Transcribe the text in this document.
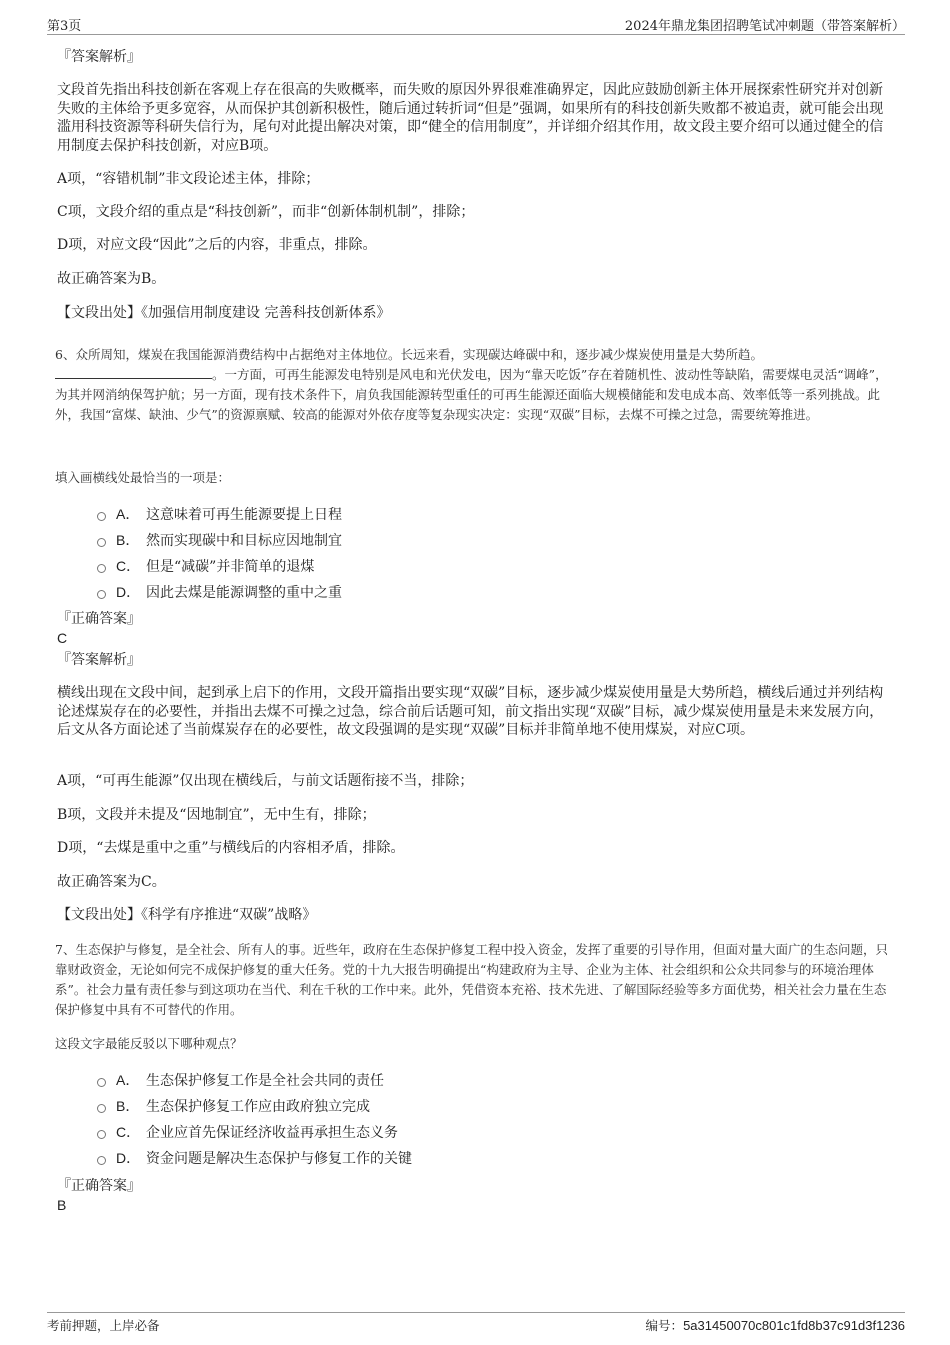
第3页	2024年鼎龙集团招聘笔试冲刺题（带答案解析）

『答案解析』

文段首先指出科技创新在客观上存在很高的失败概率，而失败的原因外界很难准确界定，因此应鼓励创新主体开展探索性研究并对创新失败的主体给予更多宽容，从而保护其创新积极性，随后通过转折词“但是”强调，如果所有的科技创新失败都不被追责，就可能会出现滥用科技资源等科研失信行为，尾句对此提出解决对策，即“健全的信用制度”，并详细介绍其作用，故文段主要介绍可以通过健全的信用制度去保护科技创新，对应B项。

A项，“容错机制”非文段论述主体，排除；

C项，文段介绍的重点是“科技创新”，而非“创新体制机制”，排除；

D项，对应文段“因此”之后的内容，非重点，排除。

故正确答案为B。

【文段出处】《加强信用制度建设 完善科技创新体系》

6、众所周知，煤炭在我国能源消费结构中占据绝对主体地位。长远来看，实现碳达峰碳中和，逐步减少煤炭使用量是大势所趋。
。一方面，可再生能源发电特别是风电和光伏发电，因为“靠天吃饭”存在着随机性、波动性等缺陷，需要煤电灵活“调峰”，为其并网消纳保驾护航；另一方面，现有技术条件下，肩负我国能源转型重任的可再生能源还面临大规模储能和发电成本高、效率低等一系列挑战。此外，我国“富煤、缺油、少气”的资源禀赋、较高的能源对外依存度等复杂现实决定：实现“双碳”目标，去煤不可操之过急，需要统筹推进。

填入画横线处最恰当的一项是：

A． 这意味着可再生能源要提上日程
B． 然而实现碳中和目标应因地制宜
C． 但是“减碳”并非简单的退煤
D． 因此去煤是能源调整的重中之重

『正确答案』

C

『答案解析』

横线出现在文段中间，起到承上启下的作用，文段开篇指出要实现“双碳”目标，逐步减少煤炭使用量是大势所趋，横线后通过并列结构论述煤炭存在的必要性，并指出去煤不可操之过急，综合前后话题可知，前文指出实现“双碳”目标，减少煤炭使用量是未来发展方向，后文从各方面论述了当前煤炭存在的必要性，故文段强调的是实现“双碳”目标并非简单地不使用煤炭，对应C项。

A项，“可再生能源”仅出现在横线后，与前文话题衔接不当，排除；

B项，文段并未提及“因地制宜”，无中生有，排除；

D项，“去煤是重中之重”与横线后的内容相矛盾，排除。

故正确答案为C。

【文段出处】《科学有序推进“双碳”战略》

7、生态保护与修复，是全社会、所有人的事。近些年，政府在生态保护修复工程中投入资金，发挥了重要的引导作用，但面对量大面广的生态问题，只靠财政资金，无论如何完不成保护修复的重大任务。党的十九大报告明确提出“构建政府为主导、企业为主体、社会组织和公众共同参与的环境治理体系”。社会力量有责任参与到这项功在当代、利在千秋的工作中来。此外，凭借资本充裕、技术先进、了解国际经验等多方面优势，相关社会力量在生态保护修复中具有不可替代的作用。

这段文字最能反驳以下哪种观点？

A． 生态保护修复工作是全社会共同的责任
B． 生态保护修复工作应由政府独立完成
C． 企业应首先保证经济收益再承担生态义务
D． 资金问题是解决生态保护与修复工作的关键

『正确答案』

B

考前押题，上岸必备	编号：5a31450070c801c1fd8b37c91d3f1236
